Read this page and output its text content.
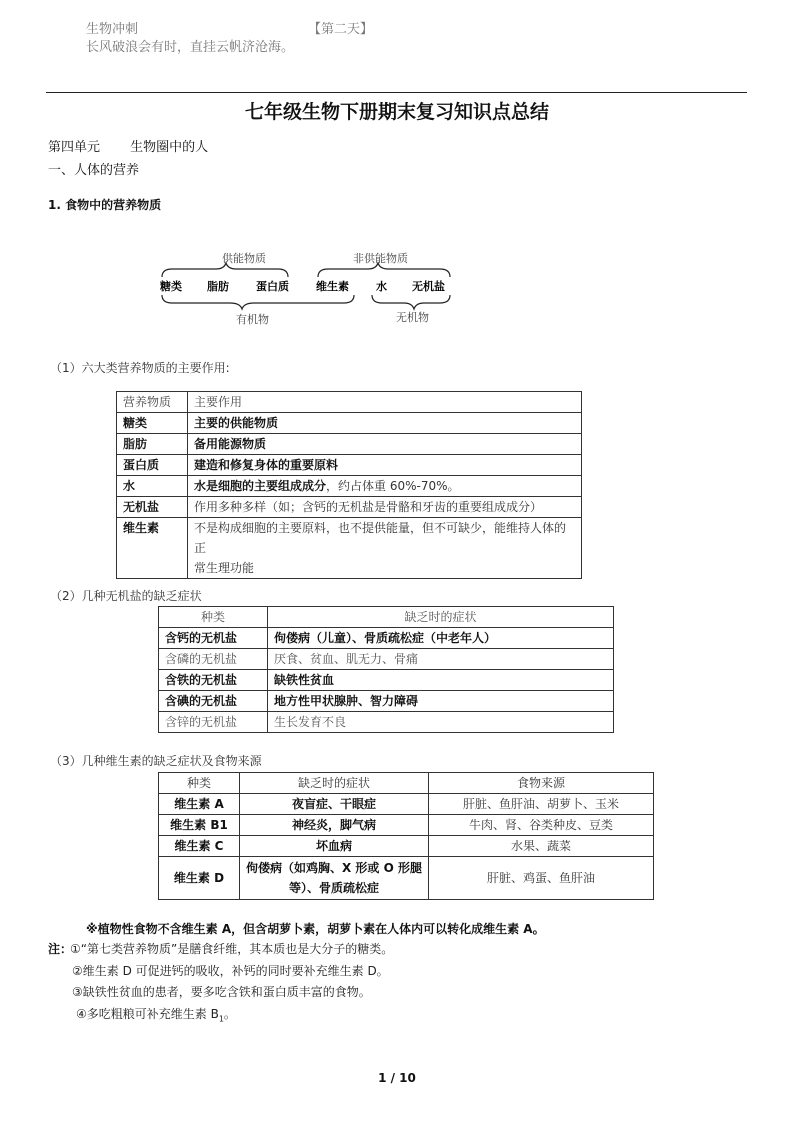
生物冲刺	【第二天】
长风破浪会有时，直挂云帆济沧海。
七年级生物下册期末复习知识点总结
第四单元 生物圈中的人
一、人体的营养
1. 食物中的营养物质
供能物质	非供能物质
糖类 脂肪 蛋白质 维生素 水 无机盐
有机物	无机物
（1）六大类营养物质的主要作用:
营养物质	主要作用
糖类	主要的供能物质
脂肪	备用能源物质
蛋白质	建造和修复身体的重要原料
水	水是细胞的主要组成成分，约占体重 60%-70%。
无机盐	作用多种多样（如；含钙的无机盐是骨骼和牙齿的重要组成成分）
维生素	不是构成细胞的主要原料，也不提供能量，但不可缺少，能维持人体的正
常生理功能
（2）几种无机盐的缺乏症状
种类	缺乏时的症状
含钙的无机盐	佝偻病（儿童）、骨质疏松症（中老年人）
含磷的无机盐	厌食、贫血、肌无力、骨痛
含铁的无机盐	缺铁性贫血
含碘的无机盐	地方性甲状腺肿、智力障碍
含锌的无机盐	生长发育不良
（3）几种维生素的缺乏症状及食物来源
种类	缺乏时的症状	食物来源
维生素 A	夜盲症、干眼症	肝脏、鱼肝油、胡萝卜、玉米
维生素 B1	神经炎，脚气病	牛肉、肾、谷类种皮、豆类
维生素 C	坏血病	水果、蔬菜
维生素 D	佝偻病（如鸡胸、X 形或 O 形腿
等）、骨质疏松症	肝脏、鸡蛋、鱼肝油
※植物性食物不含维生素 A，但含胡萝卜素，胡萝卜素在人体内可以转化成维生素 A。
注：
①“第七类营养物质”是膳食纤维，其本质也是大分子的糖类。
②维生素 D 可促进钙的吸收，补钙的同时要补充维生素 D。
③缺铁性贫血的患者，要多吃含铁和蛋白质丰富的食物。
④多吃粗粮可补充维生素 $B_1$。
1 / 10
